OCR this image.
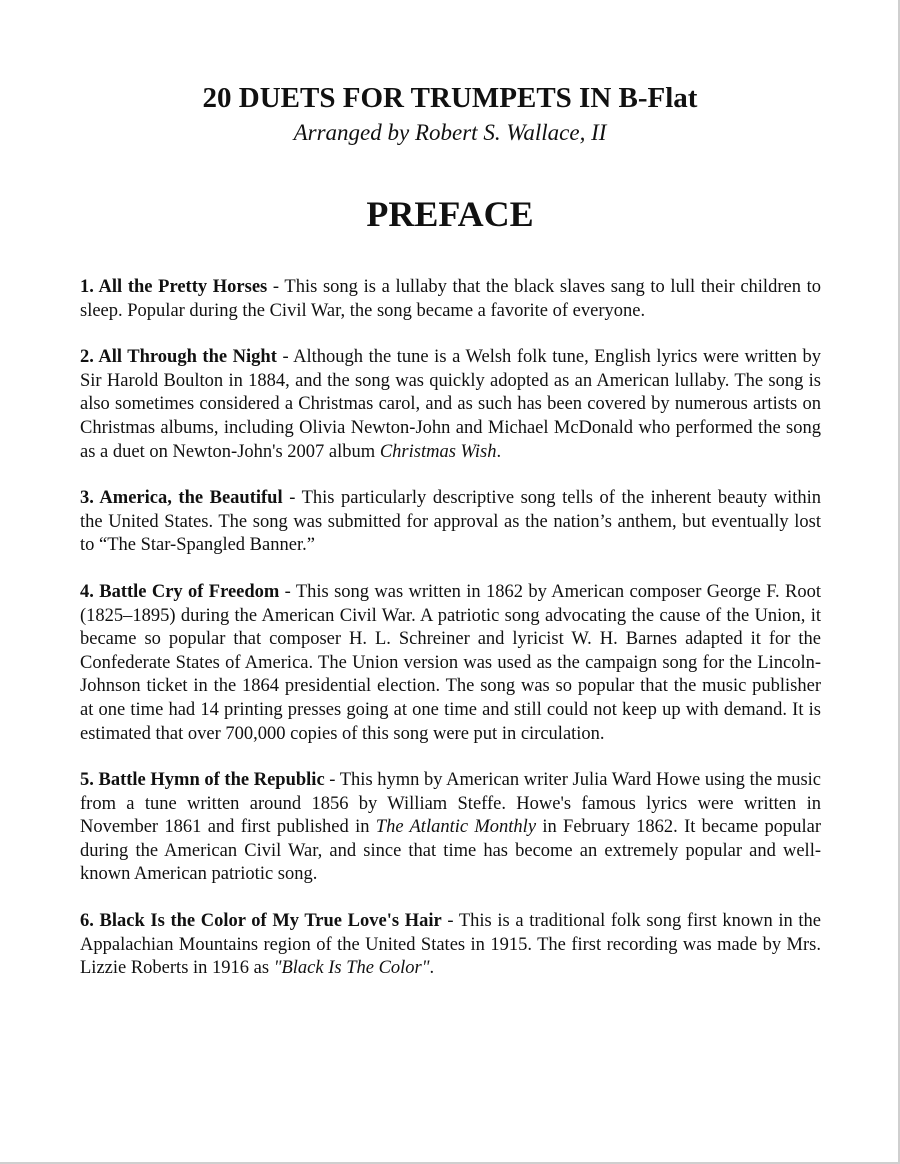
20 DUETS FOR TRUMPETS IN B-Flat
Arranged by Robert S. Wallace, II
PREFACE

1. All the Pretty Horses - This song is a lullaby that the black slaves sang to lull their children to sleep. Popular during the Civil War, the song became a favorite of everyone.

2. All Through the Night - Although the tune is a Welsh folk tune, English lyrics were written by Sir Harold Boulton in 1884, and the song was quickly adopted as an American lullaby. The song is also sometimes considered a Christmas carol, and as such has been covered by numerous artists on Christmas albums, including Olivia Newton-John and Michael McDonald who performed the song as a duet on Newton-John's 2007 album Christmas Wish.

3. America, the Beautiful - This particularly descriptive song tells of the inherent beauty within the United States. The song was submitted for approval as the nation’s anthem, but eventually lost to “The Star-Spangled Banner.”

4. Battle Cry of Freedom - This song was written in 1862 by American composer George F. Root (1825–1895) during the American Civil War. A patriotic song advocating the cause of the Union, it became so popular that composer H. L. Schreiner and lyricist W. H. Barnes adapted it for the Confederate States of America. The Union version was used as the campaign song for the Lincoln-Johnson ticket in the 1864 presidential election. The song was so popular that the music publisher at one time had 14 printing presses going at one time and still could not keep up with demand. It is estimated that over 700,000 copies of this song were put in circulation.

5. Battle Hymn of the Republic - This hymn by American writer Julia Ward Howe using the music from a tune written around 1856 by William Steffe. Howe's famous lyrics were written in November 1861 and first published in The Atlantic Monthly in February 1862. It became popular during the American Civil War, and since that time has become an extremely popular and well-known American patriotic song.

6. Black Is the Color of My True Love's Hair - This is a traditional folk song first known in the Appalachian Mountains region of the United States in 1915. The first recording was made by Mrs. Lizzie Roberts in 1916 as "Black Is The Color".
